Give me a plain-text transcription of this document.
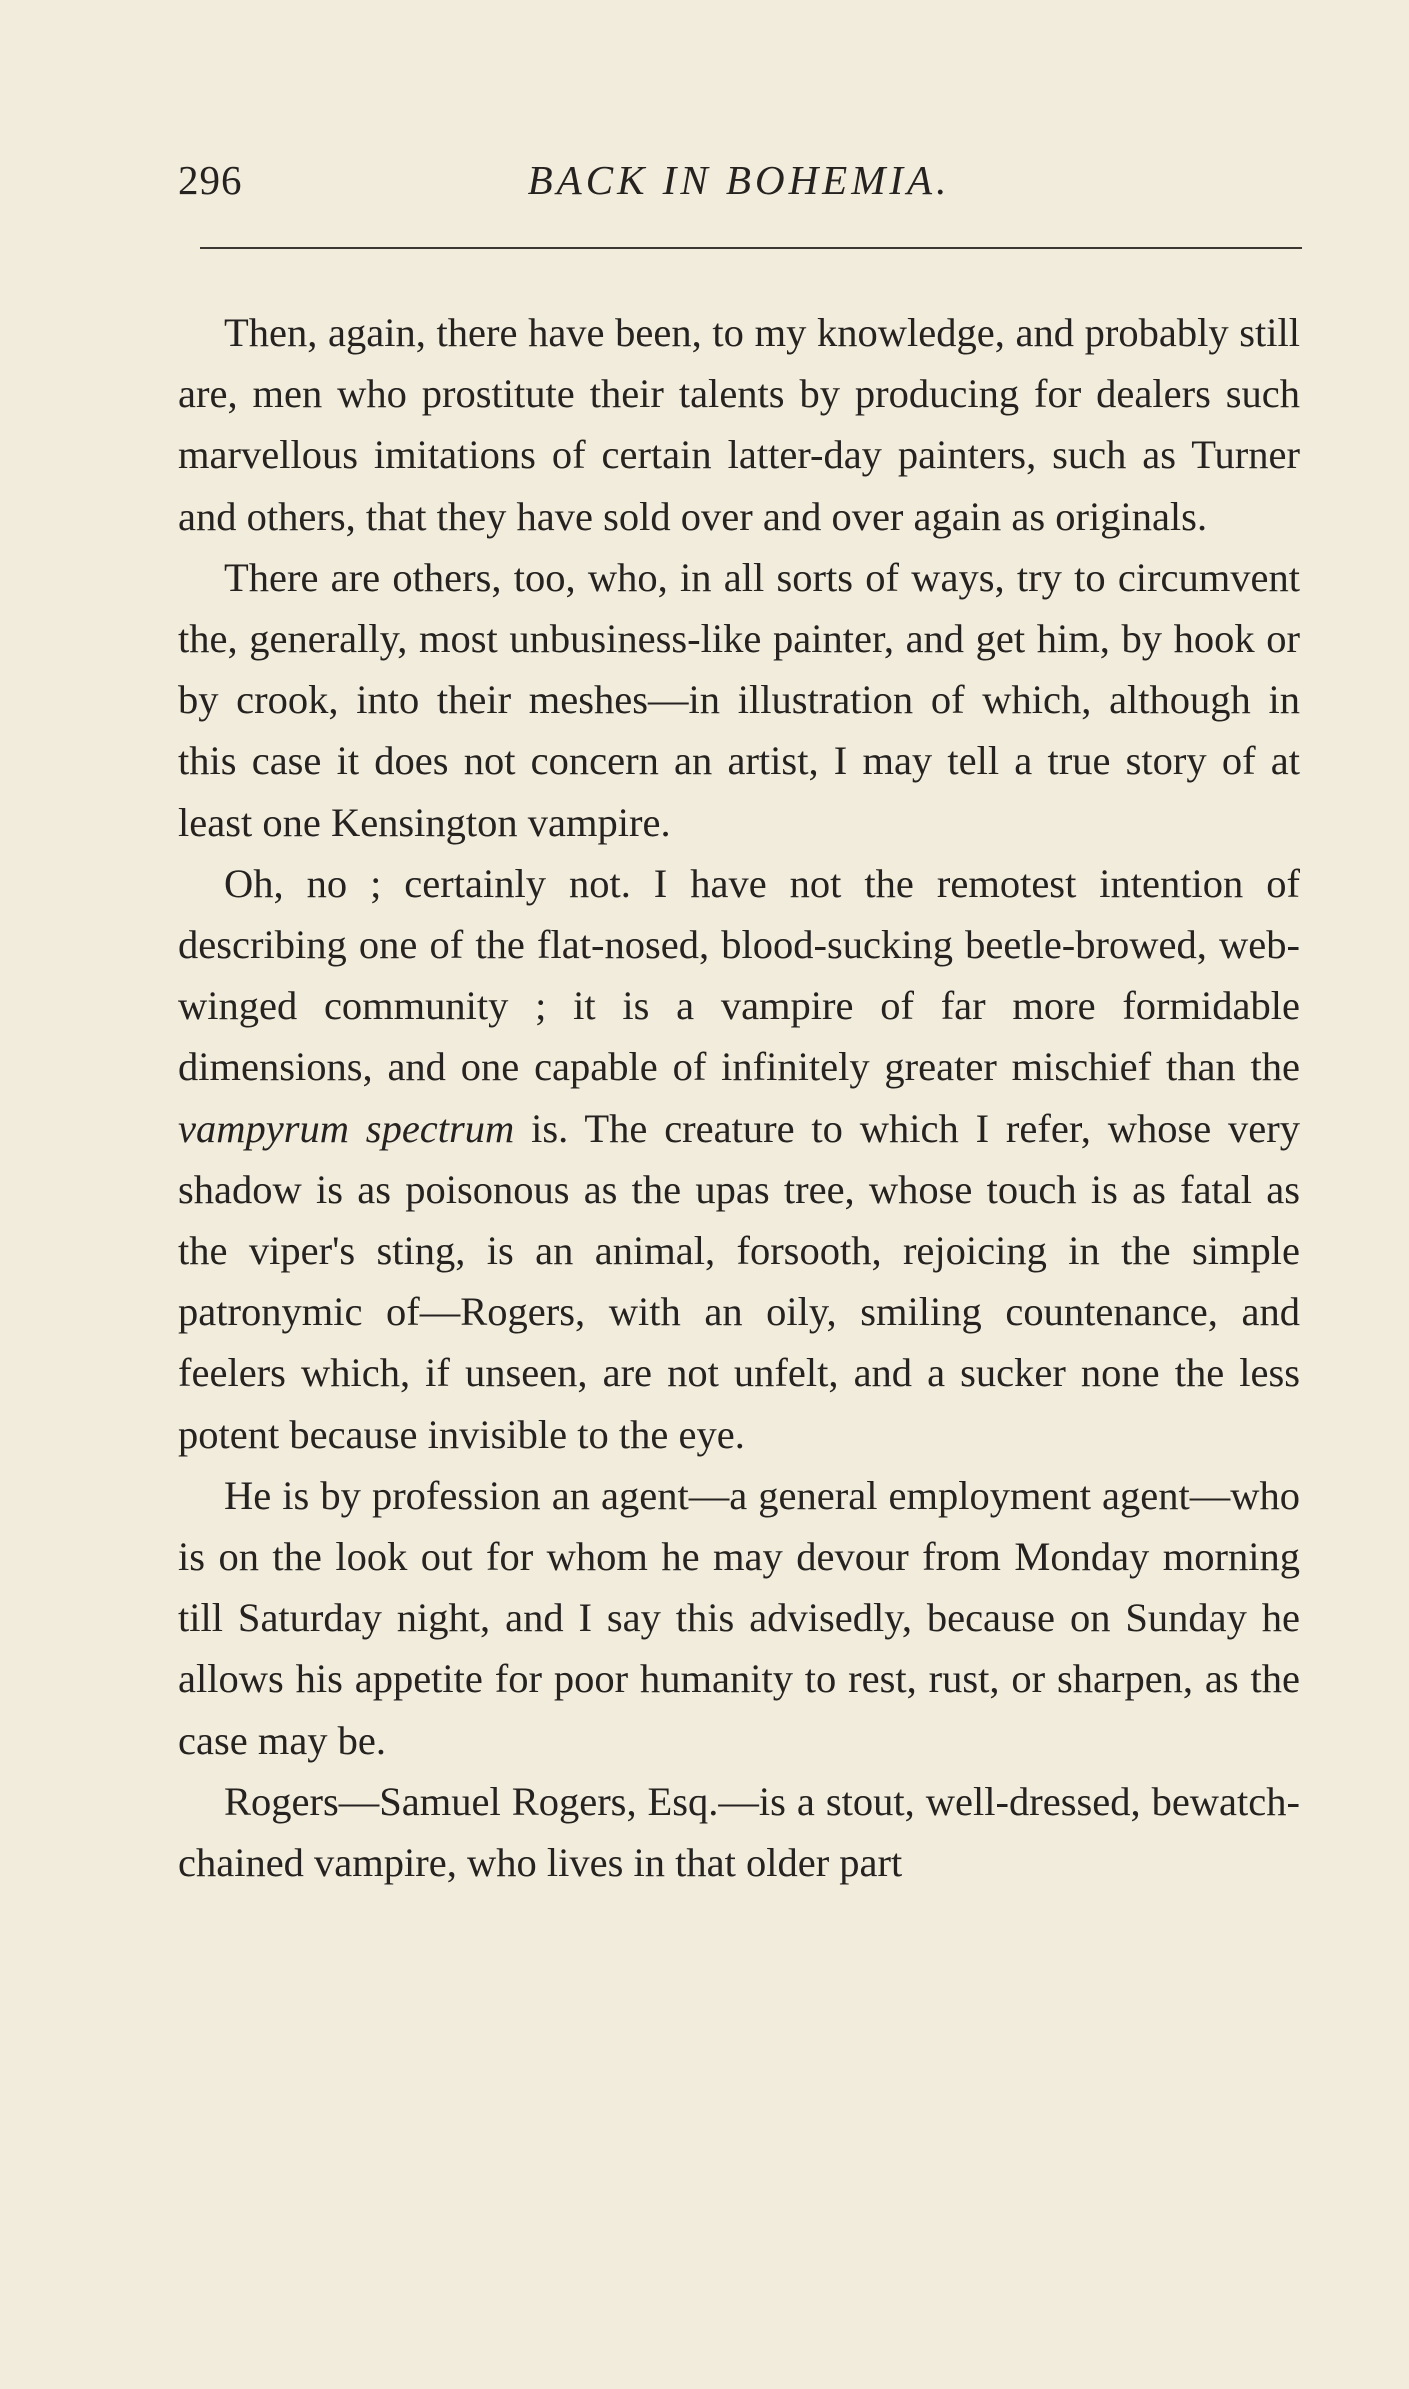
296	BACK IN BOHEMIA.

Then, again, there have been, to my knowledge, and probably still are, men who prostitute their talents by producing for dealers such marvellous imitations of certain latter-day painters, such as Turner and others, that they have sold over and over again as originals.

There are others, too, who, in all sorts of ways, try to circumvent the, generally, most unbusiness-like painter, and get him, by hook or by crook, into their meshes—in illustration of which, although in this case it does not concern an artist, I may tell a true story of at least one Kensington vampire.

Oh, no ; certainly not. I have not the remotest intention of describing one of the flat-nosed, blood-sucking beetle-browed, web-winged community ; it is a vampire of far more formidable dimensions, and one capable of infinitely greater mischief than the vampyrum spectrum is. The creature to which I refer, whose very shadow is as poisonous as the upas tree, whose touch is as fatal as the viper's sting, is an animal, forsooth, rejoicing in the simple patronymic of—Rogers, with an oily, smiling countenance, and feelers which, if unseen, are not unfelt, and a sucker none the less potent because invisible to the eye.

He is by profession an agent—a general employment agent—who is on the look out for whom he may devour from Monday morning till Saturday night, and I say this advisedly, because on Sunday he allows his appetite for poor humanity to rest, rust, or sharpen, as the case may be.

Rogers—Samuel Rogers, Esq.—is a stout, well-dressed, bewatch-chained vampire, who lives in that older part
